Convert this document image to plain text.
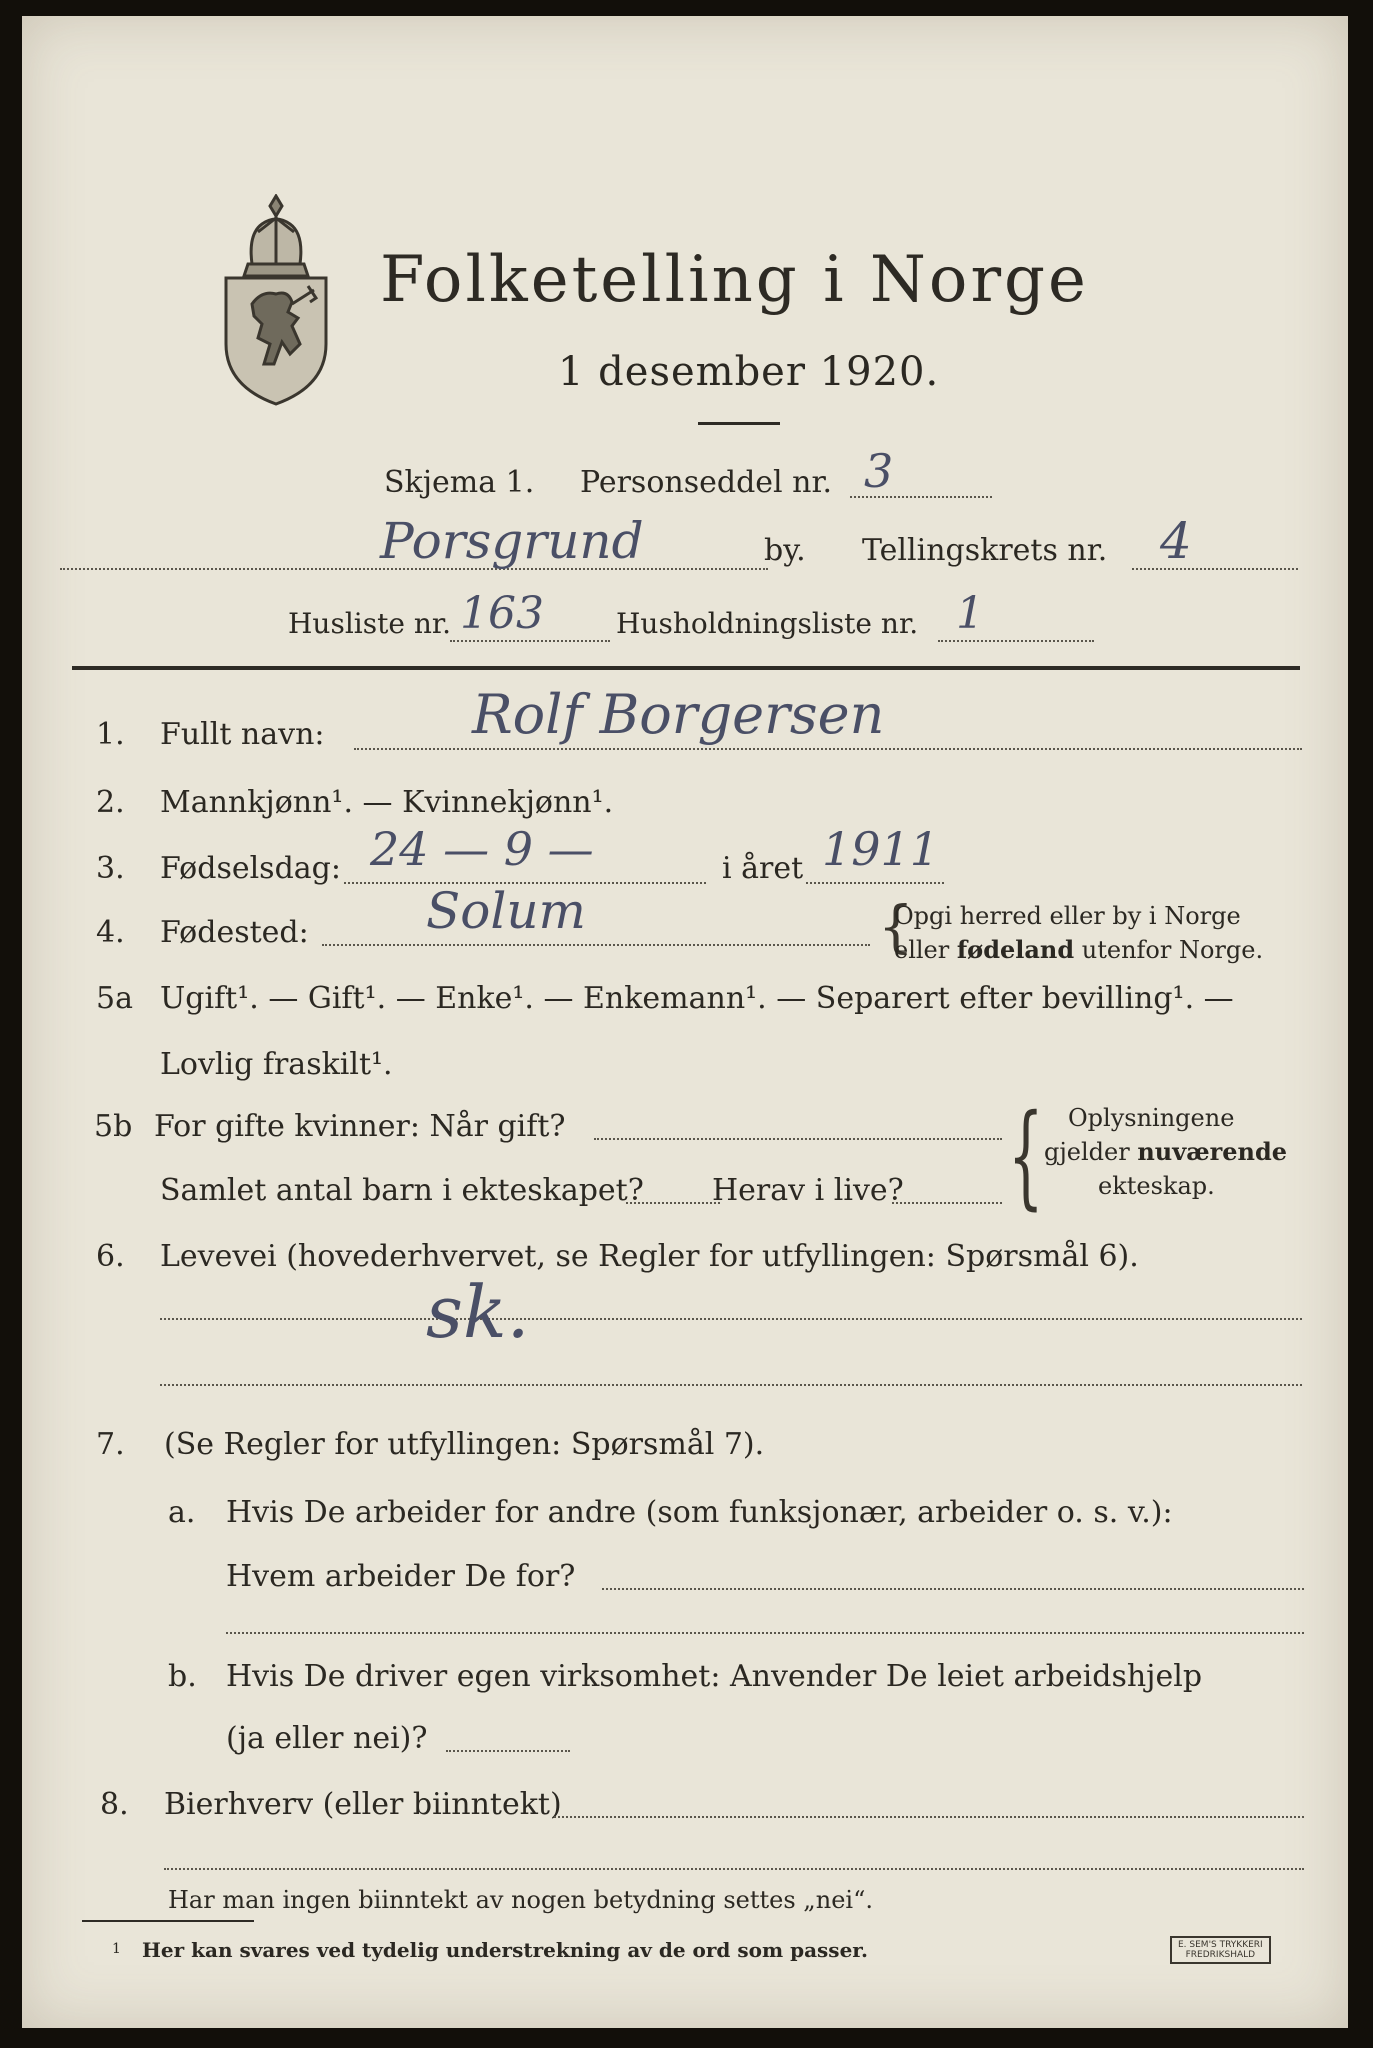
Folketelling i Norge
1 desember 1920.
Skjema 1. Personseddel nr. 3
Porsgrund	by. Tellingskrets nr. 4
Husliste nr. 163	Husholdningsliste nr. 1
1. Fullt navn:	Rolf Borgersen
2. Mannkjønn¹. — Kvinnekjønn¹.
3. Fødselsdag: 24 — 9 —	i året 1911
4. Fødested: Solum	{
Opgi herred eller by i Norge
eller fødeland utenfor Norge.
5a Ugift¹. — Gift¹. — Enke¹. — Enkemann¹. — Separert efter bevilling¹. —
Lovlig fraskilt¹.
5b For gifte kvinner: Når gift?
Samlet antal barn i ekteskapet? Herav i live? { Oplysningene
gjelder nuværende
ekteskap.
6. Levevei (hovederhvervet, se Regler for utfyllingen: Spørsmål 6).
sk.
7. (Se Regler for utfyllingen: Spørsmål 7).
a. Hvis De arbeider for andre (som funksjonær, arbeider o. s. v.):
Hvem arbeider De for?
b. Hvis De driver egen virksomhet: Anvender De leiet arbeidshjelp
(ja eller nei)?
8. Bierhverv (eller biinntekt)
Har man ingen biinntekt av nogen betydning settes „nei“.
1 Her kan svares ved tydelig understrekning av de ord som passer.	E. SEM'S TRYKKERI
FREDRIKSHALD
